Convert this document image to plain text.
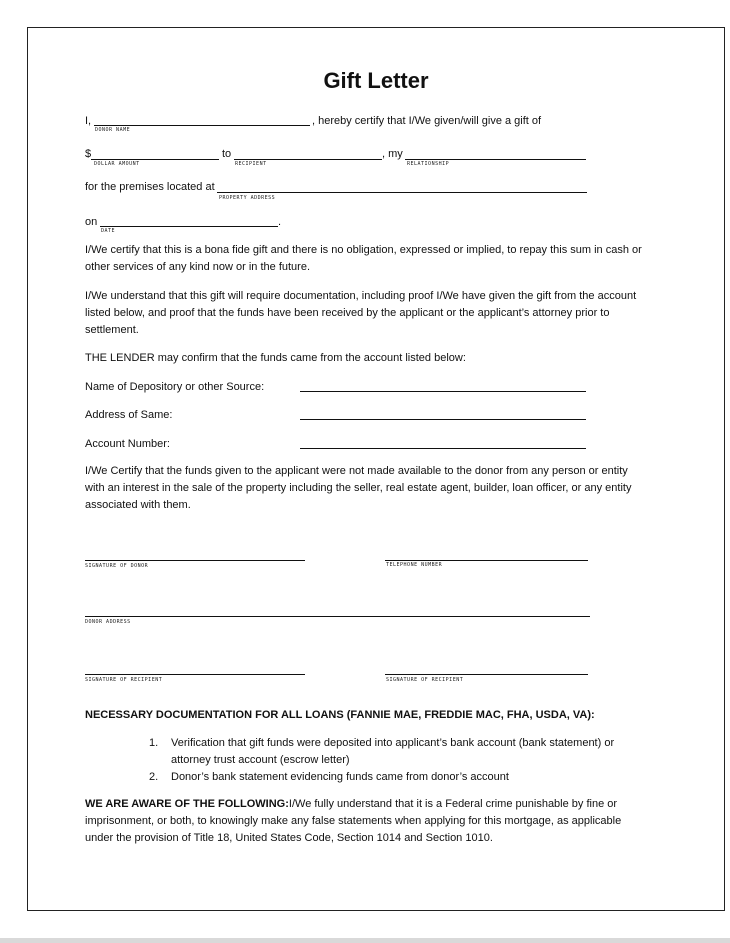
Gift Letter
I,	, hereby certify that I/We given/will give a gift of
DONOR NAME
$
DOLLAR AMOUNT
to
RECIPIENT
, my
RELATIONSHIP
for the premises located at
PROPERTY ADDRESS
on	.
DATE
I/We certify that this is a bona fide gift and there is no obligation, expressed or implied, to repay this sum in cash or other services of any kind now or in the future.
I/We understand that this gift will require documentation, including proof I/We have given the gift from the account listed below, and proof that the funds have been received by the applicant or the applicant’s attorney prior to settlement.
THE LENDER may confirm that the funds came from the account listed below:
Name of Depository or other Source:
Address of Same:
Account Number:
I/We Certify that the funds given to the applicant were not made available to the donor from any person or entity with an interest in the sale of the property including the seller, real estate agent, builder, loan officer, or any entity associated with them.
SIGNATURE OF DONOR	TELEPHONE NUMBER
DONOR ADDRESS
SIGNATURE OF RECIPIENT	SIGNATURE OF RECIPIENT
NECESSARY DOCUMENTATION FOR ALL LOANS (FANNIE MAE, FREDDIE MAC, FHA, USDA, VA):
1. Verification that gift funds were deposited into applicant’s bank account (bank statement) or attorney trust account (escrow letter)
2. Donor’s bank statement evidencing funds came from donor’s account
WE ARE AWARE OF THE FOLLOWING:I/We fully understand that it is a Federal crime punishable by fine or imprisonment, or both, to knowingly make any false statements when applying for this mortgage, as applicable under the provision of Title 18, United States Code, Section 1014 and Section 1010.
